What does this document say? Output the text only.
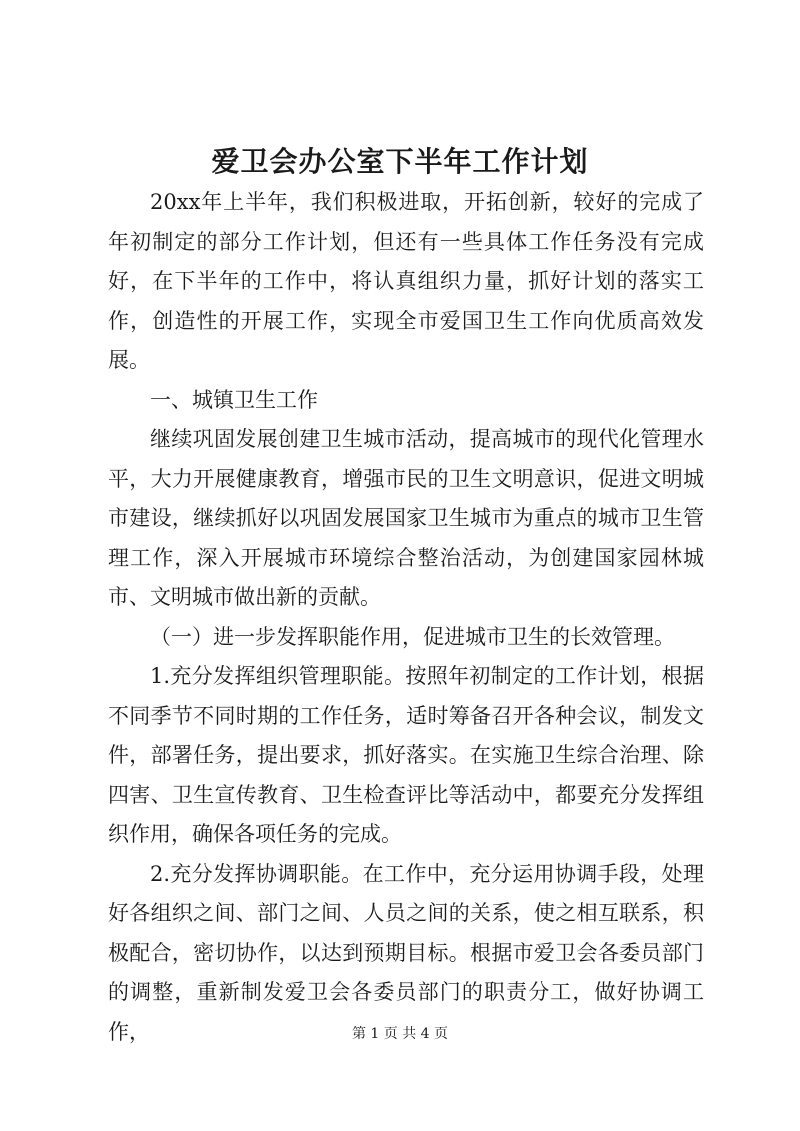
爱卫会办公室下半年工作计划

20xx年上半年，我们积极进取，开拓创新，较好的完成了年初制定的部分工作计划，但还有一些具体工作任务没有完成好，在下半年的工作中，将认真组织力量，抓好计划的落实工作，创造性的开展工作，实现全市爱国卫生工作向优质高效发展。

一、城镇卫生工作

继续巩固发展创建卫生城市活动，提高城市的现代化管理水平，大力开展健康教育，增强市民的卫生文明意识，促进文明城市建设，继续抓好以巩固发展国家卫生城市为重点的城市卫生管理工作，深入开展城市环境综合整治活动，为创建国家园林城市、文明城市做出新的贡献。

（一）进一步发挥职能作用，促进城市卫生的长效管理。

1.充分发挥组织管理职能。按照年初制定的工作计划，根据不同季节不同时期的工作任务，适时筹备召开各种会议，制发文件，部署任务，提出要求，抓好落实。在实施卫生综合治理、除四害、卫生宣传教育、卫生检查评比等活动中，都要充分发挥组织作用，确保各项任务的完成。

2.充分发挥协调职能。在工作中，充分运用协调手段，处理好各组织之间、部门之间、人员之间的关系，使之相互联系，积极配合，密切协作，以达到预期目标。根据市爱卫会各委员部门的调整，重新制发爱卫会各委员部门的职责分工，做好协调工作，	第 1 页 共 4 页
